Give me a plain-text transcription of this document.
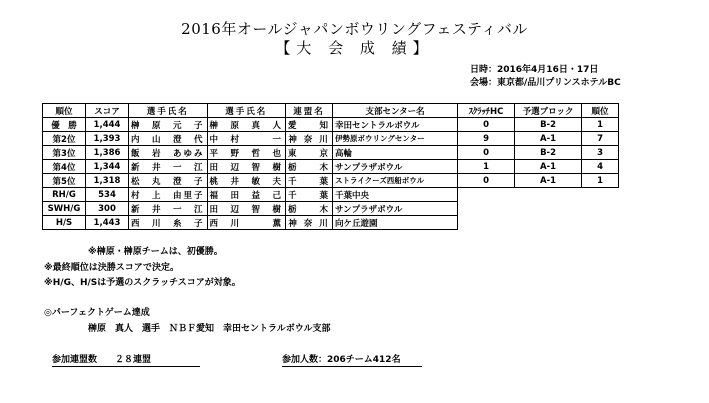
2016年オールジャパンボウリングフェスティバル
【大 会 成 績】
日時：2016年4月16日・17日
会場：東京都/品川プリンスホテルBC
順位	スコア	選手氏名	選手氏名	連盟名	支部センター名	ｽｸﾗｯﾁHC	予選ブロック	順位
優　勝	1,444	榊　原　元　子	榊　原　真　人	愛　　知	幸田セントラルボウル	0	B-2	1
第2位	1,393	内　山　澄　代	中　村　　　一	神 奈 川	伊勢原ボウリングセンター	9	A-1	7
第3位	1,386	飯　岩　あゆみ	平　野　哲　也	東　　京	高輪	0	B-2	3
第4位	1,344	新　井　一　江	田　辺　智　樹	栃　　木	サンプラザボウル	1	A-1	4
第5位	1,318	松　丸　澄　子	桃　井　敏　夫	千　　葉	ストライクーズ西船ボウル	0	A-1	1
RH/G	534	村　上　由里子	福　田　益　己	千　　葉	千葉中央			
SWH/G	300	新　井　一　江	田　辺　智　樹	栃　　木	サンプラザボウル			
H/S	1,443	西　川　糸　子	西　川　　　薫	神 奈 川	向ケ丘遊園			
※榊原・榊原チームは、初優勝。
※最終順位は決勝スコアで決定。
※H/G、H/Sは予選のスクラッチスコアが対象。
◎パーフェクトゲーム達成
榊原　真人　選手　ＮＢＦ愛知　幸田セントラルボウル支部
参加連盟数　　２８連盟	参加人数：206チーム412名
